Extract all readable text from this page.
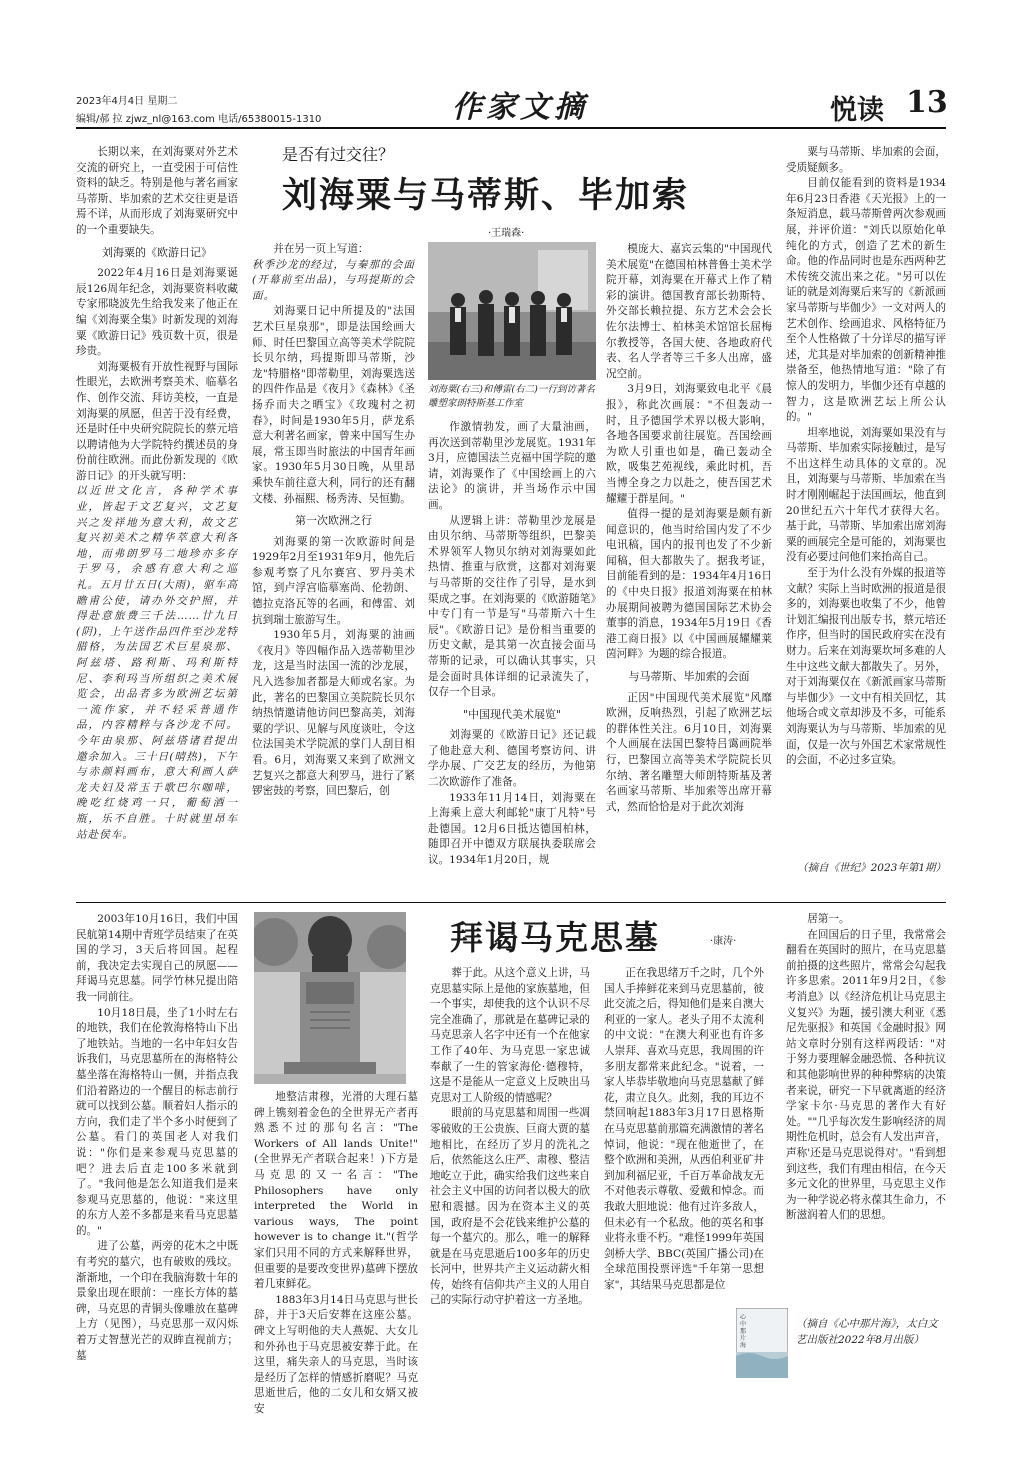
2023年4月4日 星期二
编辑/郝 拉 zjwz_nl@163.com 电话/65380015-1310	作家文摘	悦读 13

长期以来，在刘海粟对外艺术交流的研究上，一直受困于可信性资料的缺乏。特别是他与著名画家马蒂斯、毕加索的艺术交往更是语焉不详，从而形成了刘海粟研究中的一个重要缺失。

刘海粟的《欧游日记》

2022年4月16日是刘海粟诞辰126周年纪念，刘海粟资料收藏专家邢晓波先生给我发来了他正在编《刘海粟全集》时新发现的刘海粟《欧游日记》残页数十页，很是珍贵。

刘海粟极有开放性视野与国际性眼光，去欧洲考察美术、临摹名作、创作交流、拜访美校，一直是刘海粟的夙愿，但苦于没有经费，还是时任中央研究院院长的蔡元培以聘请他为大学院特约撰述员的身份前往欧洲。而此份新发现的《欧游日记》的开头就写明：

以近世文化言，各种学术事业，皆起于文艺复兴，文艺复兴之发祥地为意大利，故文艺复兴初美术之精华萃意大利各地，而弗朗罗马二地珍亦多存于罗马，余感有意大利之巡礼。五月廿五日(大雨)，驱车高瞻甫公使，请办外交护照，并得赴意旅费三千法……廿九日(阴)，上午送作品四件至沙龙特腊格，为法国艺术巨星泉那、阿兹塔、路利斯、玛利斯特尼、李利玛当所组织之美术展览会，出品者多为欧洲艺坛第一流作家，并不轻采普通作品，内容精粹与各沙龙不同。今年由泉那、阿兹塔诸君提出邀余加入。三十日(晴热)，下午与赤颜料画布，意大利画人萨龙夫妇及常玉于歌巴尔咖啡，晚吃红烧鸡一只，葡萄酒一瓶，乐不自胜。十时就里昂车站赴侯车。

是否有过交往？
刘海粟与马蒂斯、毕加索
·王瑞森·

并在另一页上写道：

秋季沙龙的经过，与秦那的会面(开幕前至出品)，与玛提斯的会面。

刘海粟日记中所提及的"法国艺术巨星泉那"，即是法国绘画大师、时任巴黎国立高等美术学院院长贝尔纳，玛提斯即马蒂斯，沙龙"特腊格"即蒂勒里，刘海粟选送的四件作品是《夜月》《森林》《圣扬乔而夫之晒宝》《玫瑰村之初春》，时间是1930年5月，萨龙系意大利著名画家，曾来中国写生办展，常玉即当时旅法的中国青年画家。1930年5月30日晚，从里昂乘快车前往意大利，同行的还有翻文楼、孙福熙、杨秀涛、吴恒勤。

第一次欧洲之行

刘海粟的第一次欧游时间是1929年2月至1931年9月，他先后参观考察了凡尔赛宫、罗丹美术馆，到卢浮宫临摹塞尚、伦勃朗、德拉克洛瓦等的名画，和傅雷、刘抗到瑞士旅游写生。

1930年5月，刘海粟的油画《夜月》等四幅作品入选蒂勒里沙龙，这是当时法国一流的沙龙展，凡入选参加者都是大师或名家。为此，著名的巴黎国立美院院长贝尔纳热情邀请他访问巴黎高美，刘海粟的学识、见解与风度谈吐，令这位法国美术学院派的掌门人刮目相看。6月，刘海粟又来到了欧洲文艺复兴之都意大利罗马，进行了紧锣密鼓的考察，回巴黎后，创

刘海粟(右三)和傅雷(右二)一行到访著名雕塑家朗特斯基工作室

作激情勃发，画了大量油画，再次送到蒂勒里沙龙展览。1931年3月，应德国法兰克福中国学院的邀请，刘海粟作了《中国绘画上的六法论》的演讲，并当场作示中国画。

从逻辑上讲：蒂勒里沙龙展是由贝尔纳、马蒂斯等组织，巴黎美术界领军人物贝尔纳对刘海粟如此热情、推重与欣赏，这都对刘海粟与马蒂斯的交往作了引导，是水到渠成之事。在刘海粟的《欧游随笔》中专门有一节是写"马蒂斯六十生辰"。《欧游日记》是份相当重要的历史文献，是其第一次直接会面马蒂斯的记录，可以确认其事实，只是会面时具体详细的记录流失了，仅存一个目录。

"中国现代美术展览"

刘海粟的《欧游日记》还记载了他赴意大利、德国考察访问、讲学办展、广交艺友的经历，为他第二次欧游作了准备。

1933年11月14日，刘海粟在上海乘上意大利邮轮"康丁凡特"号赴德国。12月6日抵达德国柏林，随即召开中德双方联展执委联席会议。1934年1月20日，规

模庞大、嘉宾云集的"中国现代美术展览"在德国柏林普鲁士美术学院开幕，刘海粟在开幕式上作了精彩的演讲。德国教育部长勃斯特、外交部长赖拉提、东方艺术会会长佐尔法博士、柏林美术馆馆长屈梅尔教授等，各国大使、各地政府代表、名人学者等三千多人出席，盛况空前。

3月9日，刘海粟致电北平《晨报》，称此次画展："不但轰动一时，且予德国学术界以极大影响，各地各国要求前往展览。吾国绘画为欧人引重也如是，确已轰动全欧，吸集艺苑视线，乘此时机，吾当博全身之力以赴之，使吾国艺术耀耀于群星间。"

值得一提的是刘海粟是颇有新闻意识的，他当时给国内发了不少电讯稿，国内的报刊也发了不少新闻稿，但大都散失了。据我考证，目前能看到的是：1934年4月16日的《中央日报》报道刘海粟在柏林办展期间被聘为德国国际艺术协会董事的消息，1934年5月19日《香港工商日报》以《中国画展耀耀莱茵河畔》为题的综合报道。

与马蒂斯、毕加索的会面

正因"中国现代美术展览"风靡欧洲，反响热烈，引起了欧洲艺坛的群体性关注。6月10日，刘海粟个人画展在法国巴黎特吕霭画院举行，巴黎国立高等美术学院院长贝尔纳、著名雕塑大师朗特斯基及著名画家马蒂斯、毕加索等出席开幕式，然而恰恰是对于此次刘海

粟与马蒂斯、毕加索的会面，受质疑颇多。

目前仅能看到的资料是1934年6月23日香港《天光报》上的一条短消息，载马蒂斯曾两次参观画展，并评价道："刘氏以原始化单纯化的方式，创造了艺术的新生命。他的作品同时也是东西两种艺术传统交流出来之花。"另可以佐证的就是刘海粟后来写的《新派画家马蒂斯与毕伽少》一文对两人的艺术创作、绘画追求、风格特征乃至个人性格做了十分详尽的描写评述，尤其是对毕加索的创新精神推崇备至，他热情地写道："除了有惊人的发明力，毕伽少还有卓越的智力，这是欧洲艺坛上所公认的。"

坦率地说，刘海粟如果没有与马蒂斯、毕加索实际接触过，是写不出这样生动具体的文章的。况且，刘海粟与马蒂斯、毕加索在当时才刚刚崛起于法国画坛，他直到20世纪五六十年代才获得大名。基于此，马蒂斯、毕加索出席刘海粟的画展完全是可能的，刘海粟也没有必要过问他们来抬高自己。

至于为什么没有外媒的报道等文献？实际上当时欧洲的报道是很多的，刘海粟也收集了不少，他曾计划汇编报刊出版专书，蔡元培还作序，但当时的国民政府实在没有财力。后来在刘海粟坎坷多难的人生中这些文献大都散失了。另外，对于刘海粟仅在《新派画家马蒂斯与毕伽少》一文中有相关回忆，其他场合或文章却涉及不多，可能系刘海粟认为与马蒂斯、毕加索的见面，仅是一次与外国艺术家常规性的会面，不必过多宣染。

（摘自《世纪》2023年第1期）

2003年10月16日，我们中国民航第14期中青班学员结束了在英国的学习，3天后将回国。起程前，我决定去实现自己的夙愿——拜谒马克思墓。同学竹林兄提出陪我一同前往。

10月18日晨，坐了1小时左右的地铁，我们在伦敦海格特山下出了地铁站。当地的一名中年妇女告诉我们，马克思墓所在的海格特公墓坐落在海格特山一侧，并指点我们沿着路边的一个醒目的标志前行就可以找到公墓。顺着妇人指示的方向，我们走了半个多小时便到了公墓。看门的英国老人对我们说："你们是来参观马克思墓的吧？进去后直走100多米就到了。"我问他是怎么知道我们是来参观马克思墓的，他说："来这里的东方人差不多都是来看马克思墓的。"

进了公墓，两旁的花木之中既有考究的墓穴，也有破败的残坟。渐渐地，一个印在我脑海数十年的景象出现在眼前：一座长方体的墓碑，马克思的青铜头像雕放在墓碑上方（见图），马克思那一双闪烁着万丈智慧光芒的双眸直视前方；墓

拜谒马克思墓	·康涛·

地整洁肃穆，光滑的大理石墓碑上镌刻着金色的全世界无产者再熟悉不过的那句名言："The Workers of All lands Unite!"(全世界无产者联合起来！)下方是马克思的又一名言："The Philosophers have only interpreted the World in various ways, The point however is to change it."(哲学家们只用不同的方式来解释世界，但重要的是要改变世界)墓碑下摆放着几束鲜花。

1883年3月14日马克思与世长辞，并于3天后安葬在这座公墓。碑文上写明他的夫人燕妮、大女儿和外孙也于马克思被安葬于此。在这里，痛失亲人的马克思，当时该是经历了怎样的情感折磨呢？马克思逝世后，他的二女儿和女婿又被安

葬于此。从这个意义上讲，马克思墓实际上是他的家族墓地，但一个事实，却使我的这个认识不尽完全准确了，那就是在墓碑记录的马克思亲人名字中还有一个在他家工作了40年、为马克思一家忠诚奉献了一生的管家海伦·德穆特，这是不是能从一定意义上反映出马克思对工人阶级的情感呢？

眼前的马克思墓和周围一些凋零破败的王公贵族、巨商大贾的墓地相比，在经历了岁月的洗礼之后，依然能这么庄严、肃穆、整洁地屹立于此，确实给我们这些来自社会主义中国的访问者以极大的欣慰和震撼。因为在资本主义的英国，政府是不会花钱来维护公墓的每一个墓穴的。那么，唯一的解释就是在马克思逝后100多年的历史长河中，世界共产主义运动薪火相传，始终有信仰共产主义的人用自己的实际行动守护着这一方圣地。

正在我思绪万千之时，几个外国人手捧鲜花来到马克思墓前，彼此交流之后，得知他们是来自澳大利亚的一家人。老头子用不太流利的中文说："在澳大利亚也有许多人崇拜、喜欢马克思，我周围的许多朋友都常来此纪念。"说着，一家人毕恭毕敬地向马克思墓献了鲜花，肃立良久。此刻，我的耳边不禁回响起1883年3月17日恩格斯在马克思墓前那篇充满激情的著名悼词，他说："现在他逝世了，在整个欧洲和美洲，从西伯利亚矿井到加利福尼亚，千百万革命战友无不对他表示尊敬、爱戴和悼念。而我敢大胆地说：他有过许多敌人，但未必有一个私敌。他的英名和事业将永垂不朽。"难怪1999年英国剑桥大学、BBC(英国广播公司)在全球范围投票评选"千年第一思想家"，其结果马克思都是位

居第一。

在回国后的日子里，我常常会翻看在英国时的照片，在马克思墓前拍摄的这些照片，常常会勾起我许多思索。2011年9月2日，《参考消息》以《经济危机让马克思主义复兴》为题，援引澳大利亚《悉尼先驱报》和英国《金融时报》网站文章时分别有这样两段话："对于努力要理解金融恐慌、各种抗议和其他影响世界的种种弊病的决策者来说，研究一下早就离逝的经济学家卡尔·马克思的著作大有好处。""几乎每次发生影响经济的周期性危机时，总会有人发出声音，声称'还是马克思说得对'。"看到想到这些，我们有理由相信，在今天多元文化的世界里，马克思主义作为一种学说必将永葆其生命力，不断滋润着人们的思想。

心中那片海
（摘自《心中那片海》，太白文艺出版社2022年8月出版）
